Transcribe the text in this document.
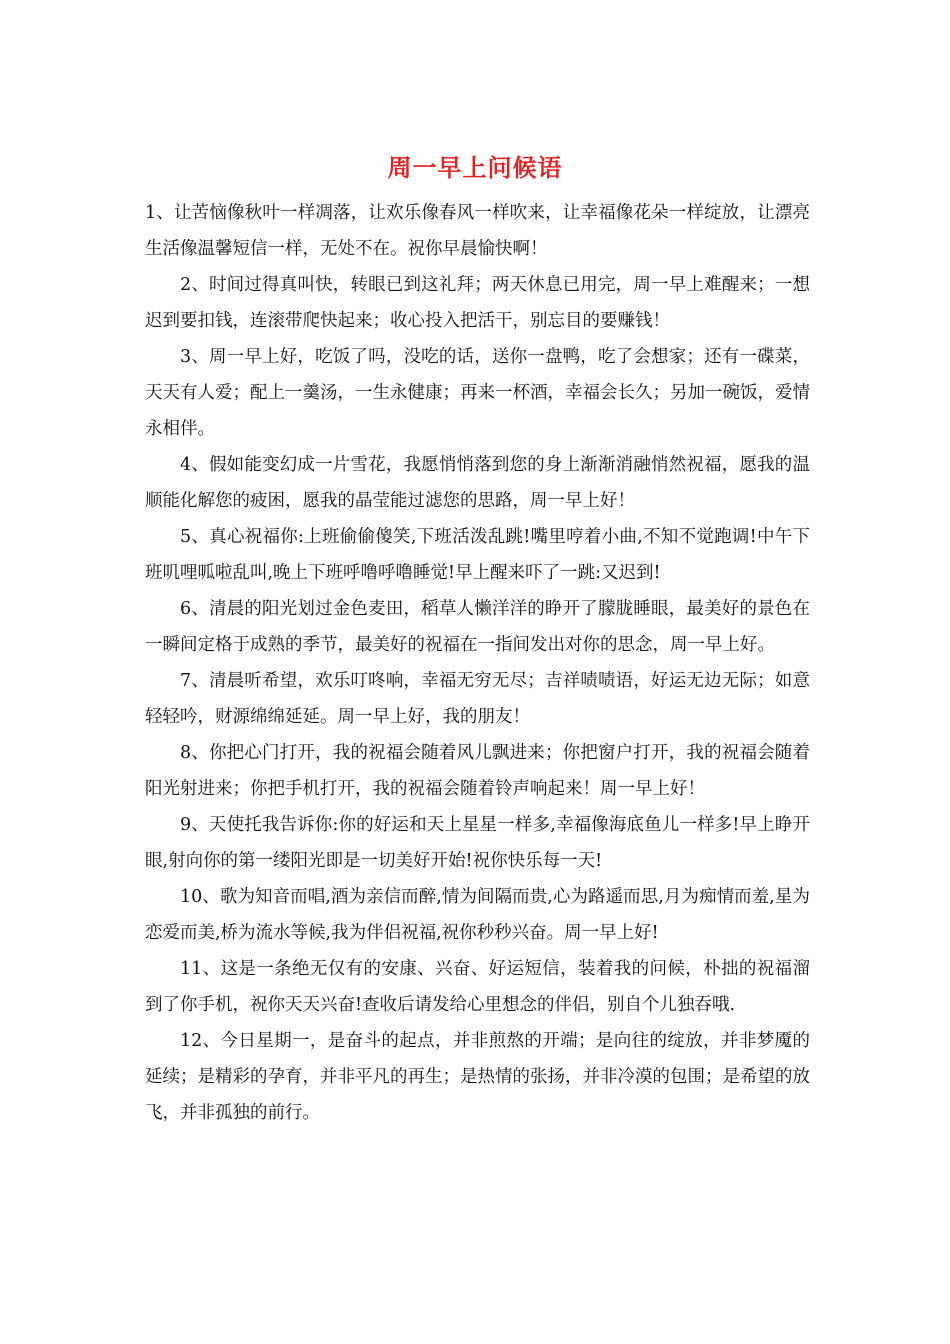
周一早上问候语

1、让苦恼像秋叶一样凋落，让欢乐像春风一样吹来，让幸福像花朵一样绽放，让漂亮生活像温馨短信一样，无处不在。祝你早晨愉快啊！

2、时间过得真叫快，转眼已到这礼拜；两天休息已用完，周一早上难醒来；一想迟到要扣钱，连滚带爬快起来；收心投入把活干，别忘目的要赚钱！

3、周一早上好，吃饭了吗，没吃的话，送你一盘鸭，吃了会想家；还有一碟菜，天天有人爱；配上一羹汤，一生永健康；再来一杯酒，幸福会长久；另加一碗饭，爱情永相伴。

4、假如能变幻成一片雪花，我愿悄悄落到您的身上渐渐消融悄然祝福，愿我的温顺能化解您的疲困，愿我的晶莹能过滤您的思路，周一早上好！

5、真心祝福你:上班偷偷傻笑,下班活泼乱跳!嘴里哼着小曲,不知不觉跑调!中午下班叽哩呱啦乱叫,晚上下班呼噜呼噜睡觉!早上醒来吓了一跳:又迟到!

6、清晨的阳光划过金色麦田，稻草人懒洋洋的睁开了朦胧睡眼，最美好的景色在一瞬间定格于成熟的季节，最美好的祝福在一指间发出对你的思念，周一早上好。

7、清晨听希望，欢乐叮咚响，幸福无穷无尽；吉祥啧啧语，好运无边无际；如意轻轻吟，财源绵绵延延。周一早上好，我的朋友！

8、你把心门打开，我的祝福会随着风儿飘进来；你把窗户打开，我的祝福会随着阳光射进来；你把手机打开，我的祝福会随着铃声响起来！周一早上好！

9、天使托我告诉你:你的好运和天上星星一样多,幸福像海底鱼儿一样多!早上睁开眼,射向你的第一缕阳光即是一切美好开始!祝你快乐每一天!

10、歌为知音而唱,酒为亲信而醉,情为间隔而贵,心为路遥而思,月为痴情而羞,星为恋爱而美,桥为流水等候,我为伴侣祝福,祝你秒秒兴奋。周一早上好!

11、这是一条绝无仅有的安康、兴奋、好运短信，装着我的问候，朴拙的祝福溜到了你手机，祝你天天兴奋!查收后请发给心里想念的伴侣，别自个儿独吞哦.

12、今日星期一，是奋斗的起点，并非煎熬的开端；是向往的绽放，并非梦魇的延续；是精彩的孕育，并非平凡的再生；是热情的张扬，并非冷漠的包围；是希望的放飞，并非孤独的前行。
